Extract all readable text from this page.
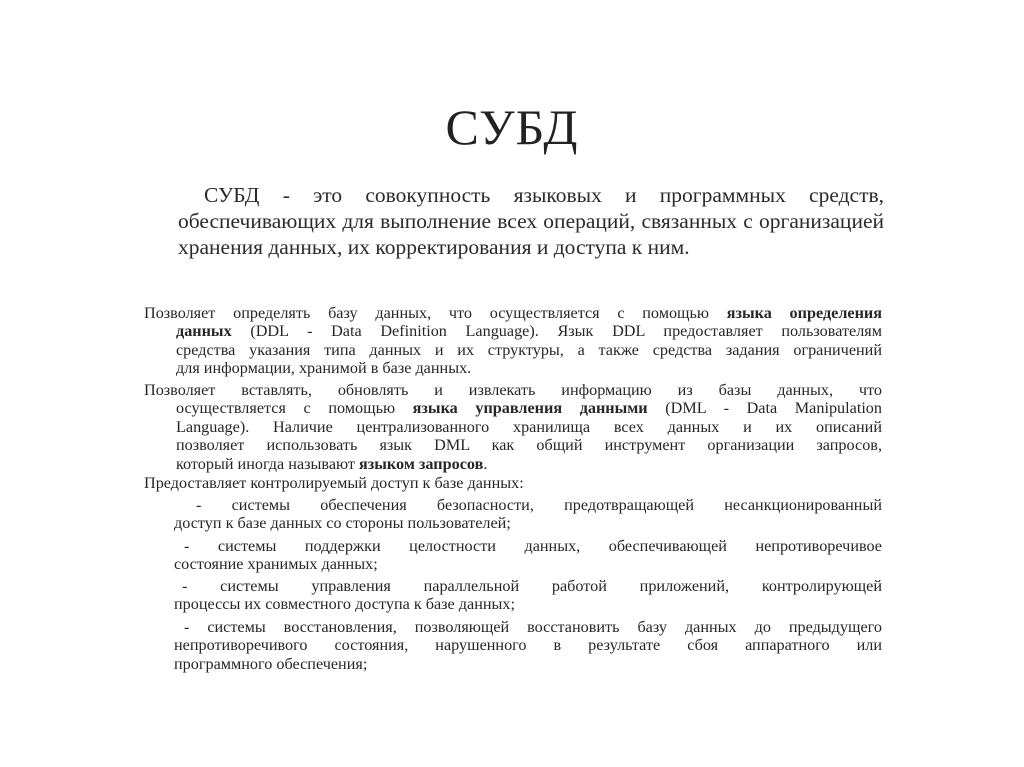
СУБД
СУБД - это совокупность языковых и программных средств, обеспечивающих для выполнение всех операций, связанных с организацией хранения данных, их корректирования и доступа к ним.
Позволяет определять базу данных, что осуществляется с помощью языка определения
данных (DDL - Data Definition Language). Язык DDL предоставляет пользователям
средства указания типа данных и их структуры, а также средства задания ограничений
для информации, хранимой в базе данных.
Позволяет вставлять, обновлять и извлекать информацию из базы данных, что
осуществляется с помощью языка управления данными (DML - Data Manipulation
Language). Наличие централизованного хранилища всех данных и их описаний
позволяет использовать язык DML как общий инструмент организации запросов,
который иногда называют языком запросов.
Предоставляет контролируемый доступ к базе данных:
- системы обеспечения безопасности, предотвращающей несанкционированный
доступ к базе данных со стороны пользователей;
- системы поддержки целостности данных, обеспечивающей непротиворечивое
состояние хранимых данных;
- системы управления параллельной работой приложений, контролирующей
процессы их совместного доступа к базе данных;
- системы восстановления, позволяющей восстановить базу данных до предыдущего
непротиворечивого состояния, нарушенного в результате сбоя аппаратного или
программного обеспечения;
